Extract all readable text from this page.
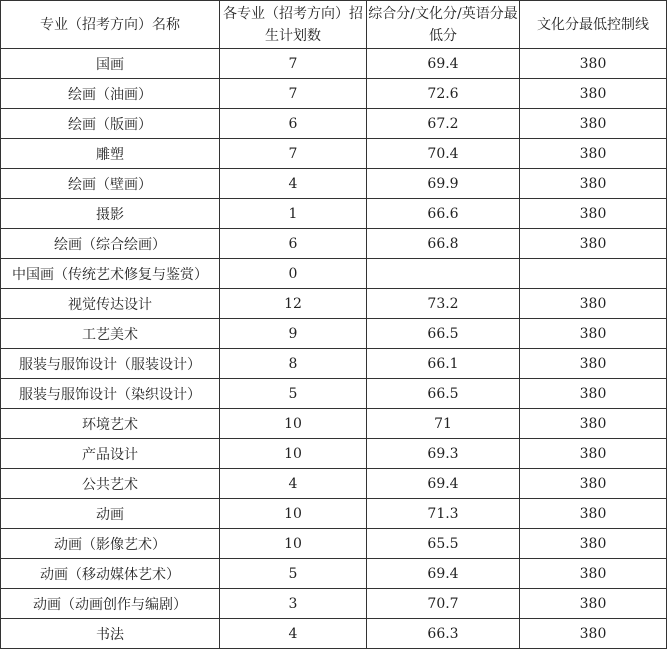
专业（招考方向）名称	各专业（招考方向）招生计划数	综合分/文化分/英语分最低分	文化分最低控制线
国画	7	69.4	380
绘画（油画）	7	72.6	380
绘画（版画）	6	67.2	380
雕塑	7	70.4	380
绘画（壁画）	4	69.9	380
摄影	1	66.6	380
绘画（综合绘画）	6	66.8	380
中国画（传统艺术修复与鉴赏）	0		
视觉传达设计	12	73.2	380
工艺美术	9	66.5	380
服装与服饰设计（服装设计）	8	66.1	380
服装与服饰设计（染织设计）	5	66.5	380
环境艺术	10	71	380
产品设计	10	69.3	380
公共艺术	4	69.4	380
动画	10	71.3	380
动画（影像艺术）	10	65.5	380
动画（移动媒体艺术）	5	69.4	380
动画（动画创作与编剧）	3	70.7	380
书法	4	66.3	380
